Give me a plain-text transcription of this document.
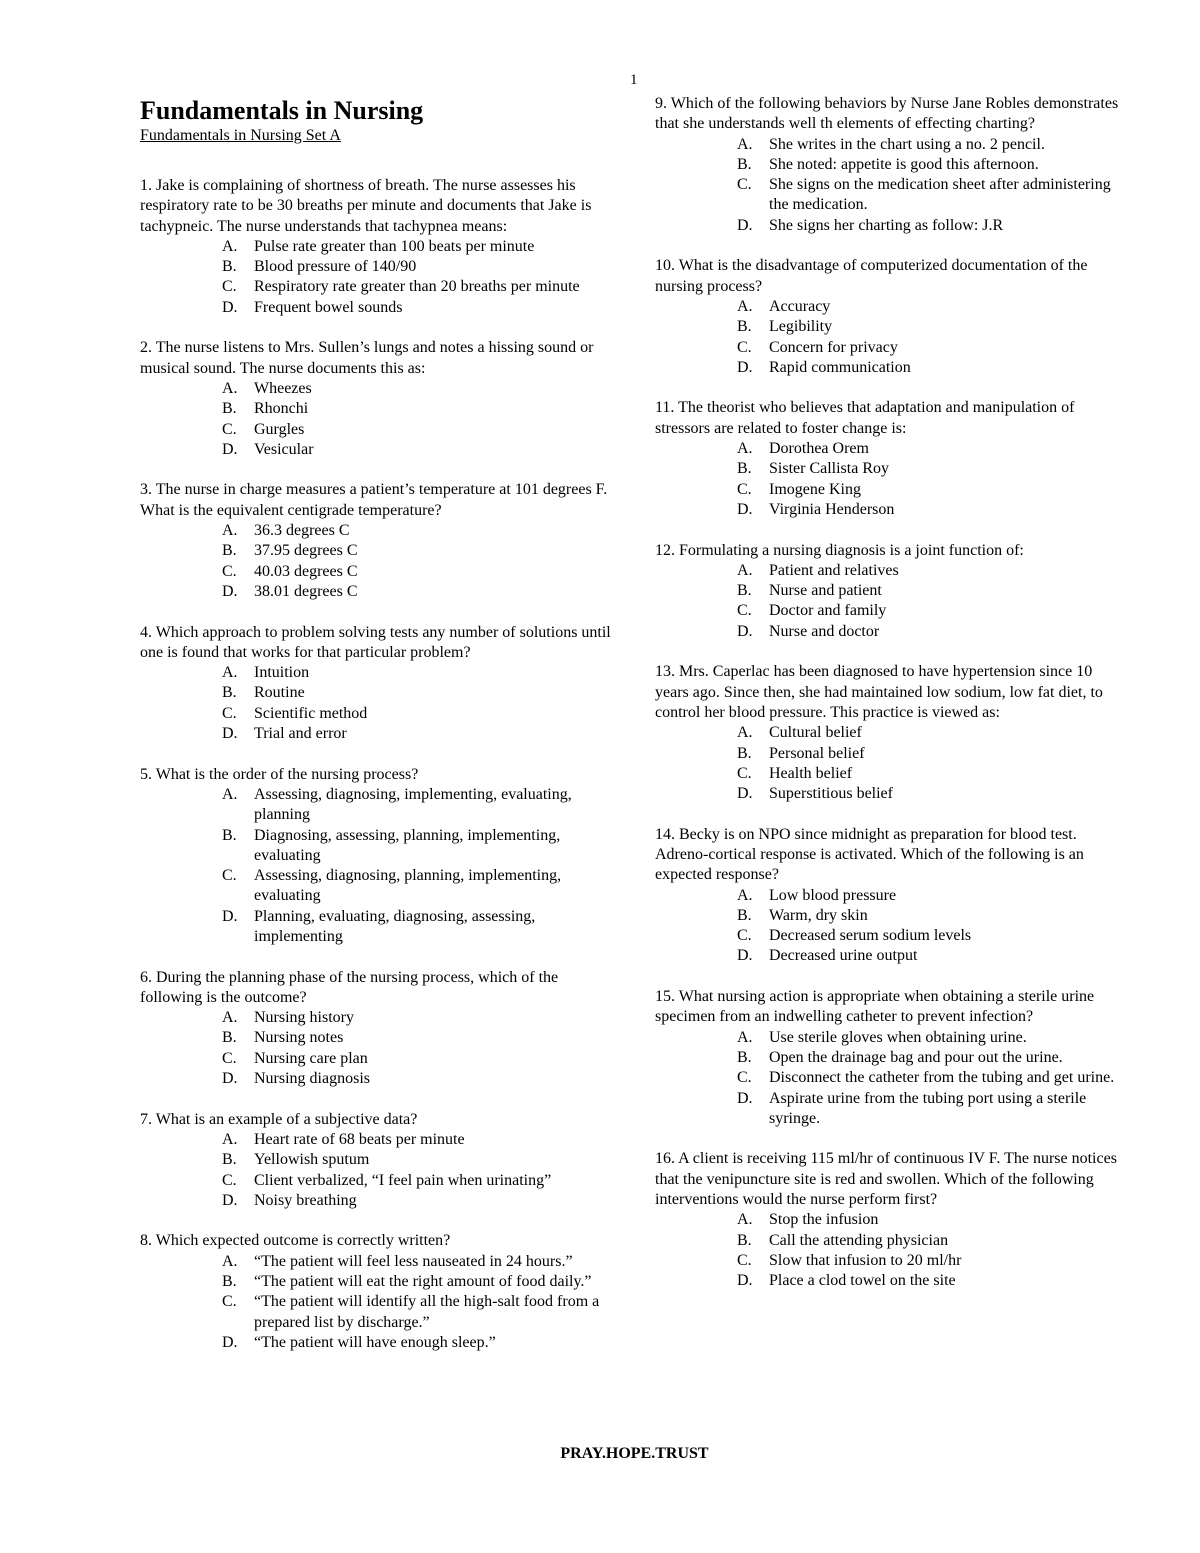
1
Fundamentals in Nursing
Fundamentals in Nursing Set A

1. Jake is complaining of shortness of breath. The nurse assesses his respiratory rate to be 30 breaths per minute and documents that Jake is tachypneic. The nurse understands that tachypnea means:

A.	Pulse rate greater than 100 beats per minute
B.	Blood pressure of 140/90
C.	Respiratory rate greater than 20 breaths per minute
D.	Frequent bowel sounds

2. The nurse listens to Mrs. Sullen’s lungs and notes a hissing sound or musical sound. The nurse documents this as:

A.	Wheezes
B.	Rhonchi
C.	Gurgles
D.	Vesicular

3. The nurse in charge measures a patient’s temperature at 101 degrees F. What is the equivalent centigrade temperature?

A.	36.3 degrees C
B.	37.95 degrees C
C.	40.03 degrees C
D.	38.01 degrees C

4. Which approach to problem solving tests any number of solutions until one is found that works for that particular problem?

A.	Intuition
B.	Routine
C.	Scientific method
D.	Trial and error

5. What is the order of the nursing process?

A.	Assessing, diagnosing, implementing, evaluating, planning
B.	Diagnosing, assessing, planning, implementing, evaluating
C.	Assessing, diagnosing, planning, implementing, evaluating
D.	Planning, evaluating, diagnosing, assessing, implementing

6. During the planning phase of the nursing process, which of the following is the outcome?

A.	Nursing history
B.	Nursing notes
C.	Nursing care plan
D.	Nursing diagnosis

7. What is an example of a subjective data?

A.	Heart rate of 68 beats per minute
B.	Yellowish sputum
C.	Client verbalized, “I feel pain when urinating”
D.	Noisy breathing

8. Which expected outcome is correctly written?

A.	“The patient will feel less nauseated in 24 hours.”
B.	“The patient will eat the right amount of food daily.”
C.	“The patient will identify all the high-salt food from a prepared list by discharge.”
D.	“The patient will have enough sleep.”

9. Which of the following behaviors by Nurse Jane Robles demonstrates that she understands well th elements of effecting charting?

A.	She writes in the chart using a no. 2 pencil.
B.	She noted: appetite is good this afternoon.
C.	She signs on the medication sheet after administering the medication.
D.	She signs her charting as follow: J.R

10. What is the disadvantage of computerized documentation of the nursing process?

A.	Accuracy
B.	Legibility
C.	Concern for privacy
D.	Rapid communication

11. The theorist who believes that adaptation and manipulation of stressors are related to foster change is:

A.	Dorothea Orem
B.	Sister Callista Roy
C.	Imogene King
D.	Virginia Henderson

12. Formulating a nursing diagnosis is a joint function of:

A.	Patient and relatives
B.	Nurse and patient
C.	Doctor and family
D.	Nurse and doctor

13. Mrs. Caperlac has been diagnosed to have hypertension since 10 years ago. Since then, she had maintained low sodium, low fat diet, to control her blood pressure. This practice is viewed as:

A.	Cultural belief
B.	Personal belief
C.	Health belief
D.	Superstitious belief

14. Becky is on NPO since midnight as preparation for blood test. Adreno-cortical response is activated. Which of the following is an expected response?

A.	Low blood pressure
B.	Warm, dry skin
C.	Decreased serum sodium levels
D.	Decreased urine output

15. What nursing action is appropriate when obtaining a sterile urine specimen from an indwelling catheter to prevent infection?

A.	Use sterile gloves when obtaining urine.
B.	Open the drainage bag and pour out the urine.
C.	Disconnect the catheter from the tubing and get urine.
D.	Aspirate urine from the tubing port using a sterile syringe.

16. A client is receiving 115 ml/hr of continuous IV F. The nurse notices that the venipuncture site is red and swollen. Which of the following interventions would the nurse perform first?

A.	Stop the infusion
B.	Call the attending physician
C.	Slow that infusion to 20 ml/hr
D.	Place a clod towel on the site
PRAY.HOPE.TRUST
